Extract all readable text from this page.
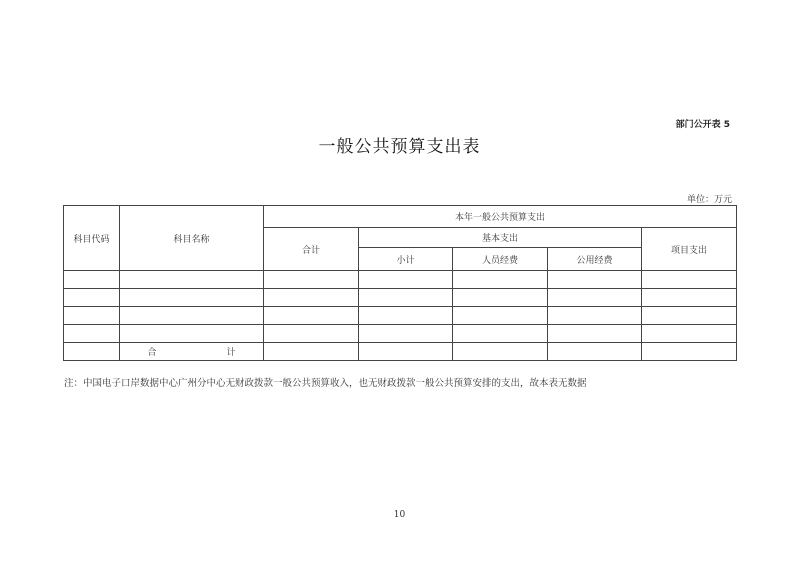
部门公开表 5
一般公共预算支出表
单位：万元
科目代码	科目名称	本年一般公共预算支出				
		合计	基本支出			项目支出
			小计	人员经费	公用经费	

	合 计					

注：中国电子口岸数据中心广州分中心无财政拨款一般公共预算收入，也无财政拨款一般公共预算安排的支出，故本表无数据
10
